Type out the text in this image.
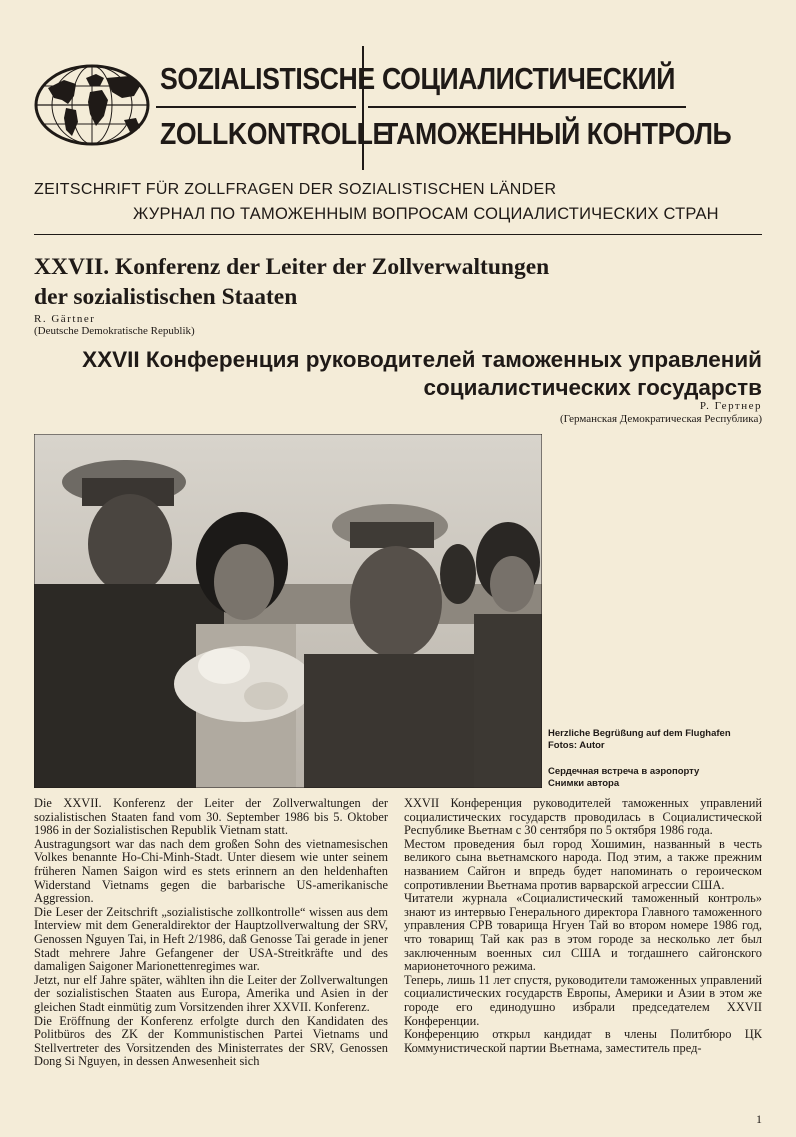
SOZIALISTISCHE
ZOLLKONTROLLE
СОЦИАЛИСТИЧЕСКИЙ
ТАМОЖЕННЫЙ КОНТРОЛЬ
ZEITSCHRIFT FÜR ZOLLFRAGEN DER SOZIALISTISCHEN LÄNDER
ЖУРНАЛ ПО ТАМОЖЕННЫМ ВОПРОСАМ СОЦИАЛИСТИЧЕСКИХ СТРАН
XXVII. Konferenz der Leiter der Zollverwaltungen
der sozialistischen Staaten
R. Gärtner
(Deutsche Demokratische Republik)
XXVII Конференция руководителей таможенных управлений
социалистических государств
Р. Гертнер
(Германская Демократическая Республика)
Herzliche Begrüßung auf dem Flughafen
Fotos: Autor
Сердечная встреча в аэропорту
Снимки автора

Die XXVII. Konferenz der Leiter der Zollverwaltungen der sozialistischen Staaten fand vom 30. September 1986 bis 5. Oktober 1986 in der Sozialistischen Republik Vietnam statt.

Austragungsort war das nach dem großen Sohn des vietnamesischen Volkes benannte Ho-Chi-Minh-Stadt. Unter diesem wie unter seinem früheren Namen Saigon wird es stets erinnern an den heldenhaften Widerstand Vietnams gegen die barbarische US-amerikanische Aggression.

Die Leser der Zeitschrift „sozialistische zollkontrolle“ wissen aus dem Interview mit dem Generaldirektor der Hauptzollverwaltung der SRV, Genossen Nguyen Tai, in Heft 2/1986, daß Genosse Tai gerade in jener Stadt mehrere Jahre Gefangener der USA-Streitkräfte und des damaligen Saigoner Marionettenregimes war.

Jetzt, nur elf Jahre später, wählten ihn die Leiter der Zollverwaltungen der sozialistischen Staaten aus Europa, Amerika und Asien in der gleichen Stadt einmütig zum Vorsitzenden ihrer XXVII. Konferenz.

Die Eröffnung der Konferenz erfolgte durch den Kandidaten des Politbüros des ZK der Kommunistischen Partei Vietnams und Stellvertreter des Vorsitzenden des Ministerrates der SRV, Genossen Dong Si Nguyen, in dessen Anwesenheit sich

XXVII Конференция руководителей таможенных управлений социалистических государств проводилась в Социалистической Республике Вьетнам с 30 сентября по 5 октября 1986 года.

Местом проведения был город Хошимин, названный в честь великого сына вьетнамского народа. Под этим, а также прежним названием Сайгон и впредь будет напоминать о героическом сопротивлении Вьетнама против варварской агрессии США.

Читатели журнала «Социалистический таможенный контроль» знают из интервью Генерального директора Главного таможенного управления СРВ товарища Нгуен Тай во втором номере 1986 год, что товарищ Тай как раз в этом городе за несколько лет был заключенным военных сил США и тогдашнего сайгонского марионеточного режима.

Теперь, лишь 11 лет спустя, руководители таможенных управлений социалистических государств Европы, Америки и Азии в этом же городе его единодушно избрали председателем XXVII Конференции.

Конференцию открыл кандидат в члены Политбюро ЦК Коммунистической партии Вьетнама, заместитель пред-

1
